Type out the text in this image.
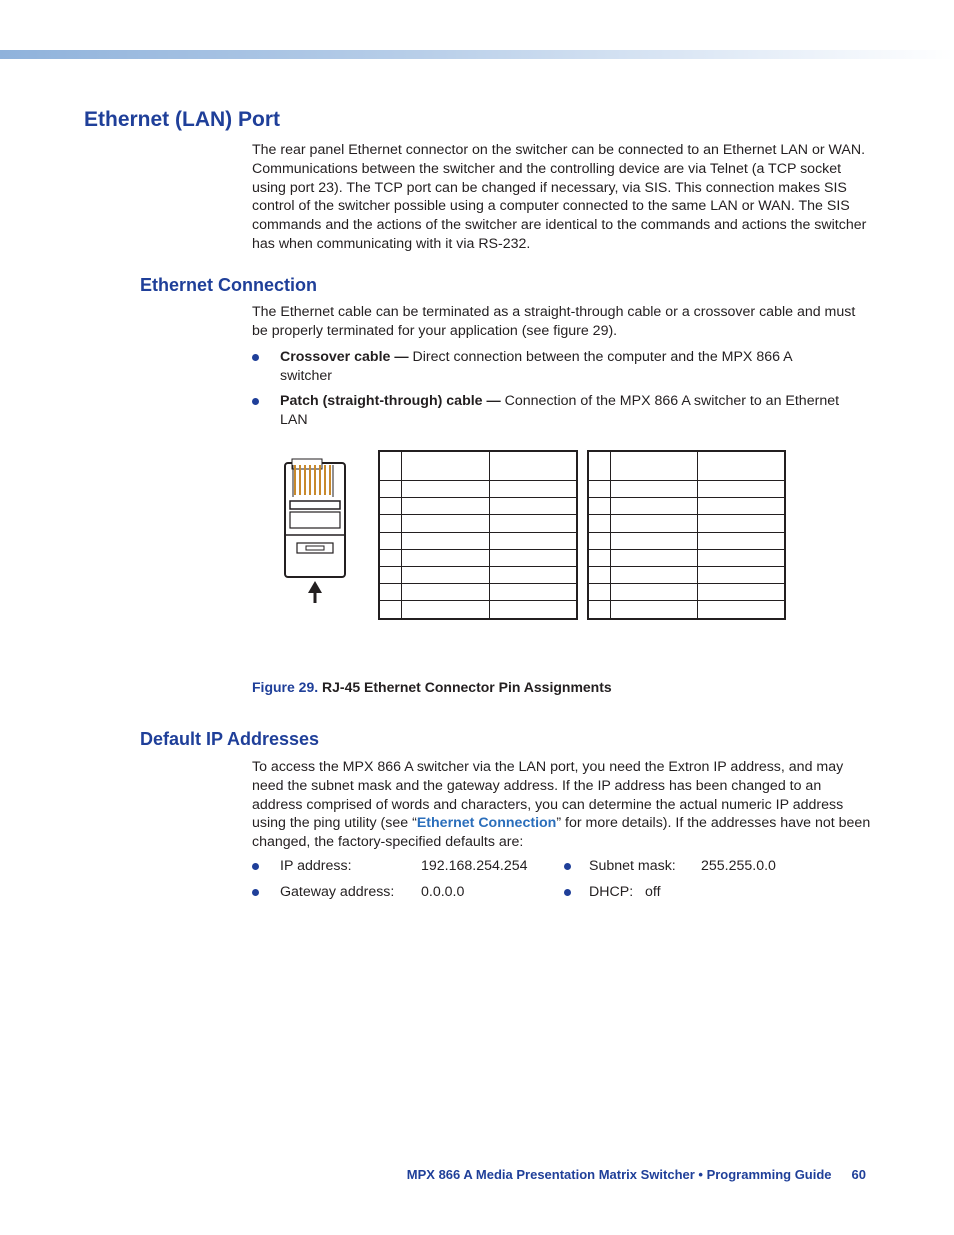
Ethernet (LAN) Port

The rear panel Ethernet connector on the switcher can be connected to an Ethernet LAN or WAN. Communications between the switcher and the controlling device are via Telnet (a TCP socket using port 23). The TCP port can be changed if necessary, via SIS. This connection makes SIS control of the switcher possible using a computer connected to the same LAN or WAN. The SIS commands and the actions of the switcher are identical to the commands and actions the switcher has when communicating with it via RS-232.

Ethernet Connection

The Ethernet cable can be terminated as a straight-through cable or a crossover cable and must be properly terminated for your application (see figure 29).

Crossover cable — Direct connection between the computer and the MPX 866 A switcher
Patch (straight-through) cable — Connection of the MPX 866 A switcher to an Ethernet LAN

Figure 29. RJ-45 Ethernet Connector Pin Assignments
Default IP Addresses

To access the MPX 866 A switcher via the LAN port, you need the Extron IP address, and may need the subnet mask and the gateway address. If the IP address has been changed to an address comprised of words and characters, you can determine the actual numeric IP address using the ping utility (see “Ethernet Connection” for more details). If the addresses have not been changed, the factory-specified defaults are:

IP address:	192.168.254.254	Subnet mask: 255.255.0.0
Gateway address: 0.0.0.0	DHCP: off
MPX 866 A Media Presentation Matrix Switcher • Programming Guide 60
